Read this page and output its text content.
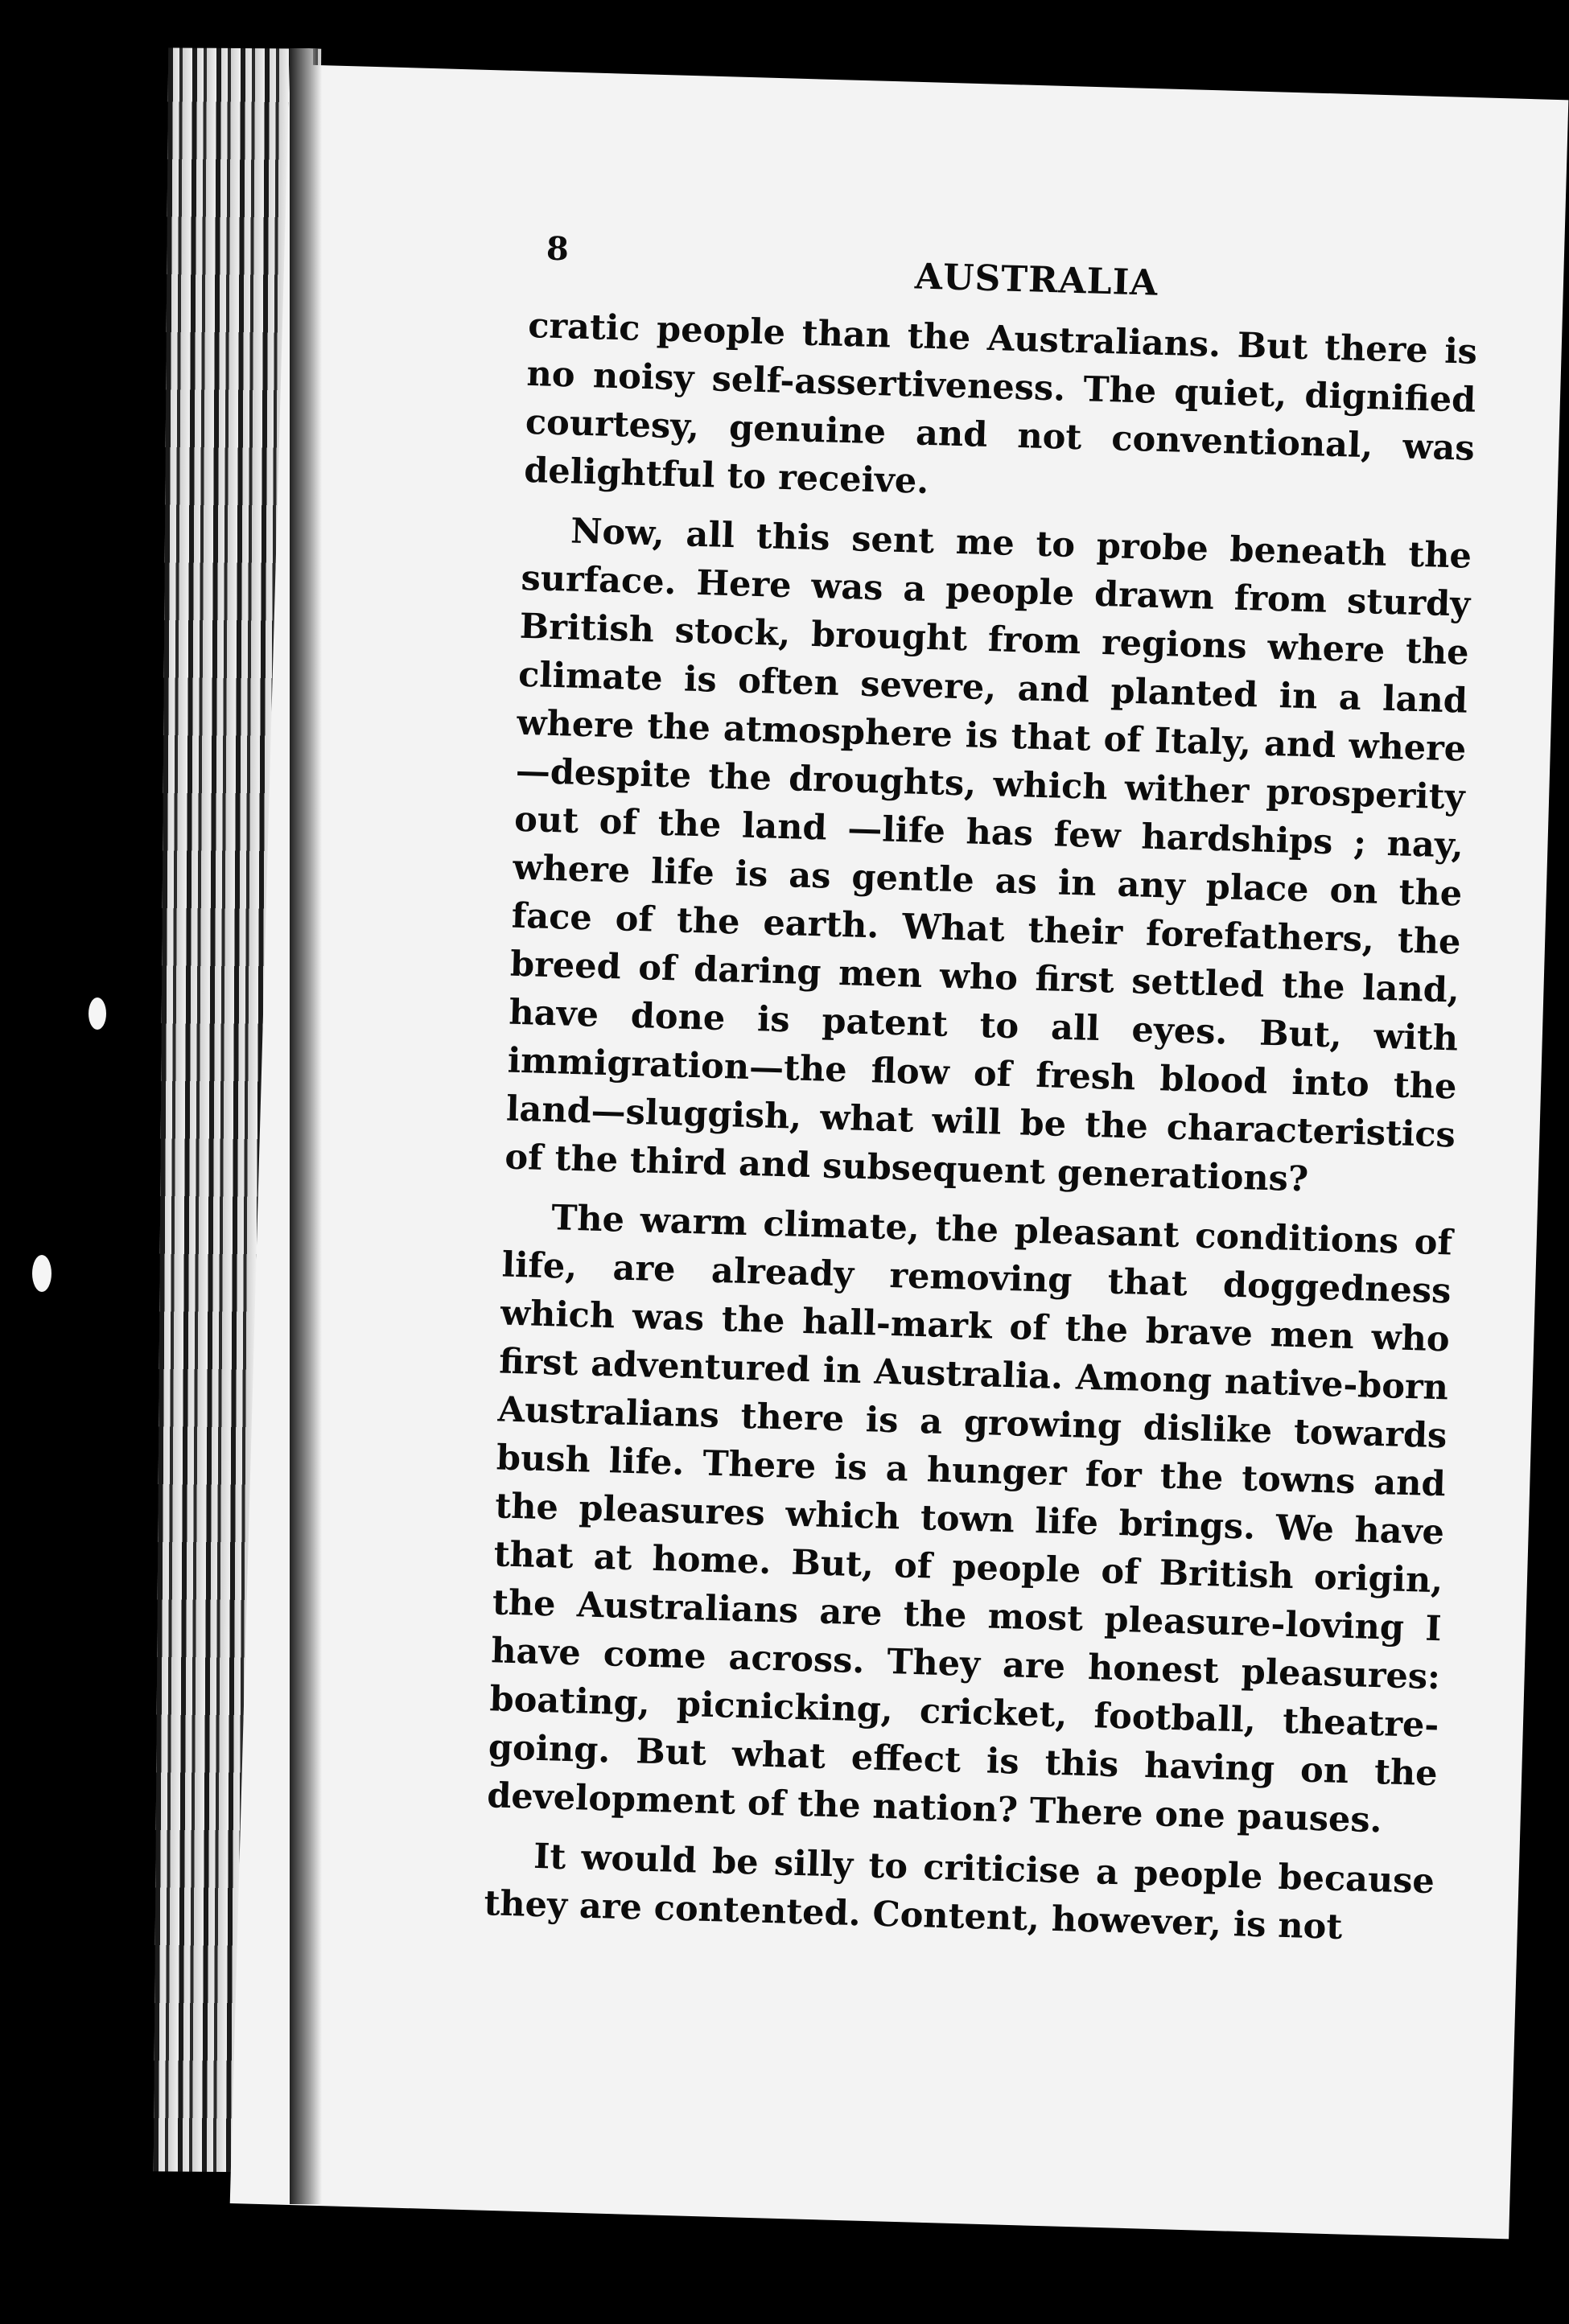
8
AUSTRALIA

cratic people than the Australians. But there is no noisy self-assertiveness. The quiet, dignified courtesy, genuine and not conventional, was delightful to receive.

Now, all this sent me to probe beneath the surface. Here was a people drawn from sturdy British stock, brought from regions where the climate is often severe, and planted in a land where the atmosphere is that of Italy, and where—despite the droughts, which wither prosperity out of the land —life has few hardships ; nay, where life is as gentle as in any place on the face of the earth. What their forefathers, the breed of daring men who first settled the land, have done is patent to all eyes. But, with immigration—the flow of fresh blood into the land—sluggish, what will be the characteristics of the third and subsequent generations?

The warm climate, the pleasant conditions of life, are already removing that doggedness which was the hall-mark of the brave men who first adventured in Australia. Among native-born Australians there is a growing dislike towards bush life. There is a hunger for the towns and the pleasures which town life brings. We have that at home. But, of people of British origin, the Australians are the most pleasure-loving I have come across. They are honest pleasures: boating, picnicking, cricket, football, theatre-going. But what effect is this having on the development of the nation? There one pauses.

It would be silly to criticise a people because they are contented. Content, however, is not
